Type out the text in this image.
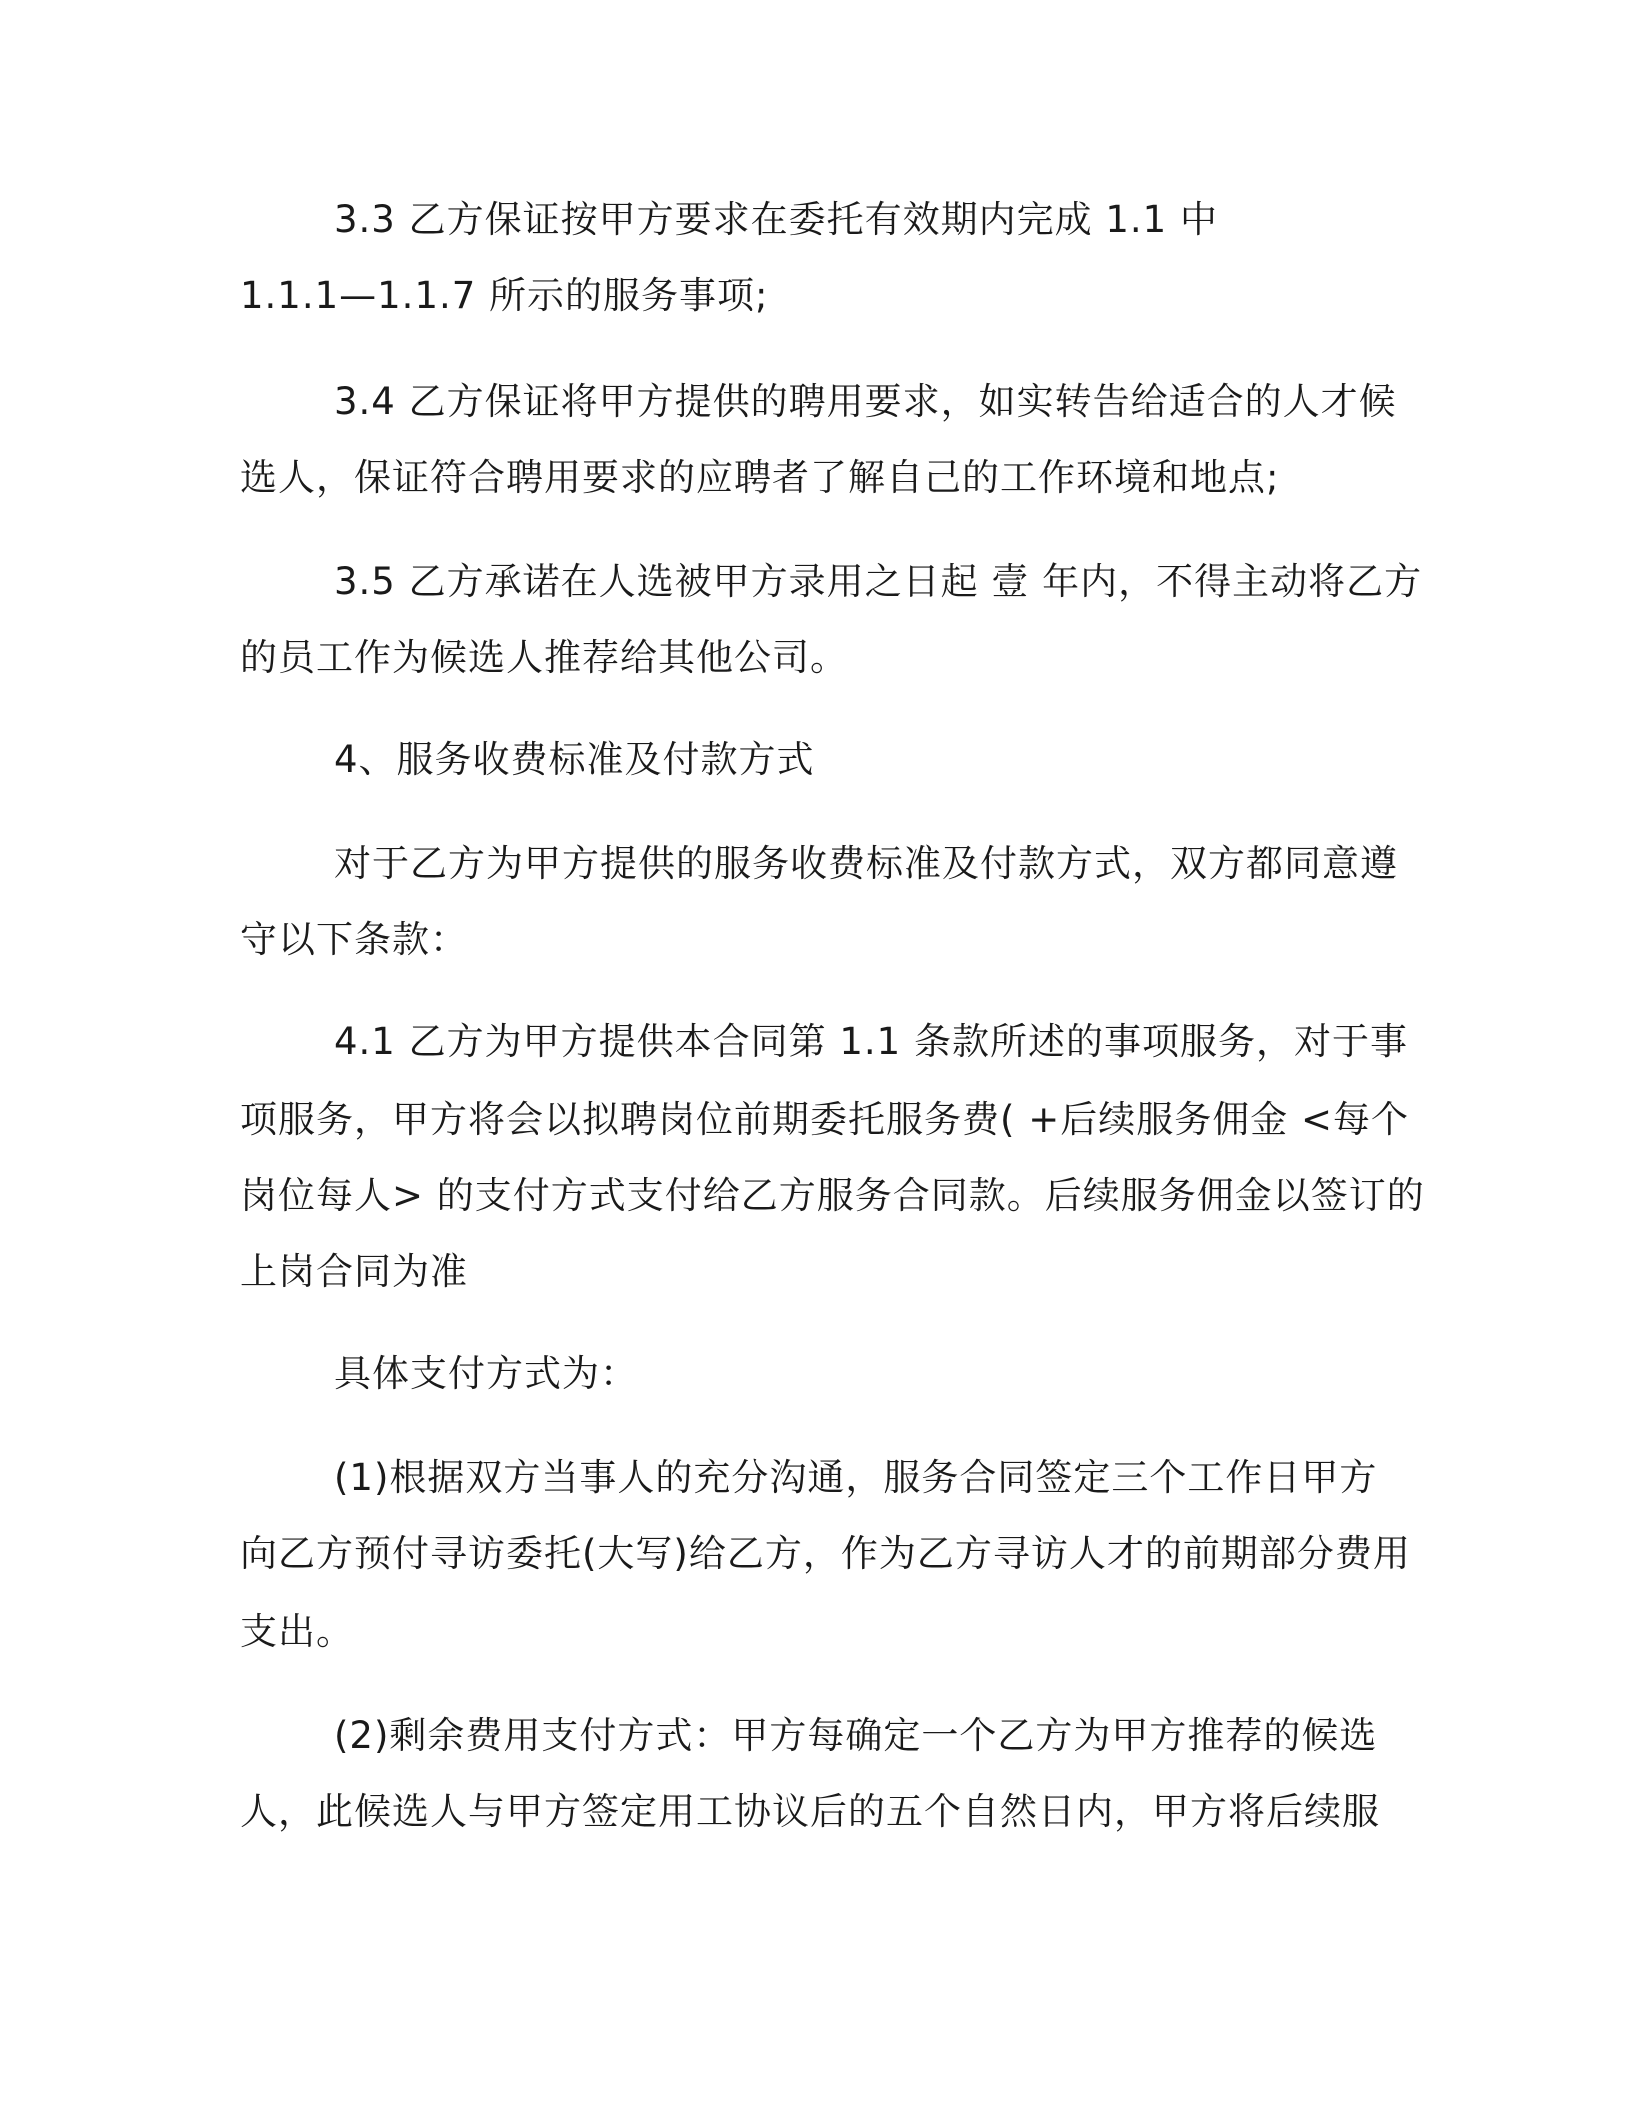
3.3 乙方保证按甲方要求在委托有效期内完成 1.1 中
1.1.1—1.1.7 所示的服务事项;
3.4 乙方保证将甲方提供的聘用要求，如实转告给适合的人才候
选人，保证符合聘用要求的应聘者了解自己的工作环境和地点;
3.5 乙方承诺在人选被甲方录用之日起 壹 年内，不得主动将乙方
的员工作为候选人推荐给其他公司。
4、服务收费标准及付款方式
对于乙方为甲方提供的服务收费标准及付款方式，双方都同意遵
守以下条款：
4.1 乙方为甲方提供本合同第 1.1 条款所述的事项服务，对于事
项服务，甲方将会以拟聘岗位前期委托服务费( +后续服务佣金 <每个
岗位每人> 的支付方式支付给乙方服务合同款。后续服务佣金以签订的
上岗合同为准
具体支付方式为：
(1)根据双方当事人的充分沟通，服务合同签定三个工作日甲方
向乙方预付寻访委托(大写)给乙方，作为乙方寻访人才的前期部分费用
支出。
(2)剩余费用支付方式：甲方每确定一个乙方为甲方推荐的候选
人，此候选人与甲方签定用工协议后的五个自然日内，甲方将后续服
